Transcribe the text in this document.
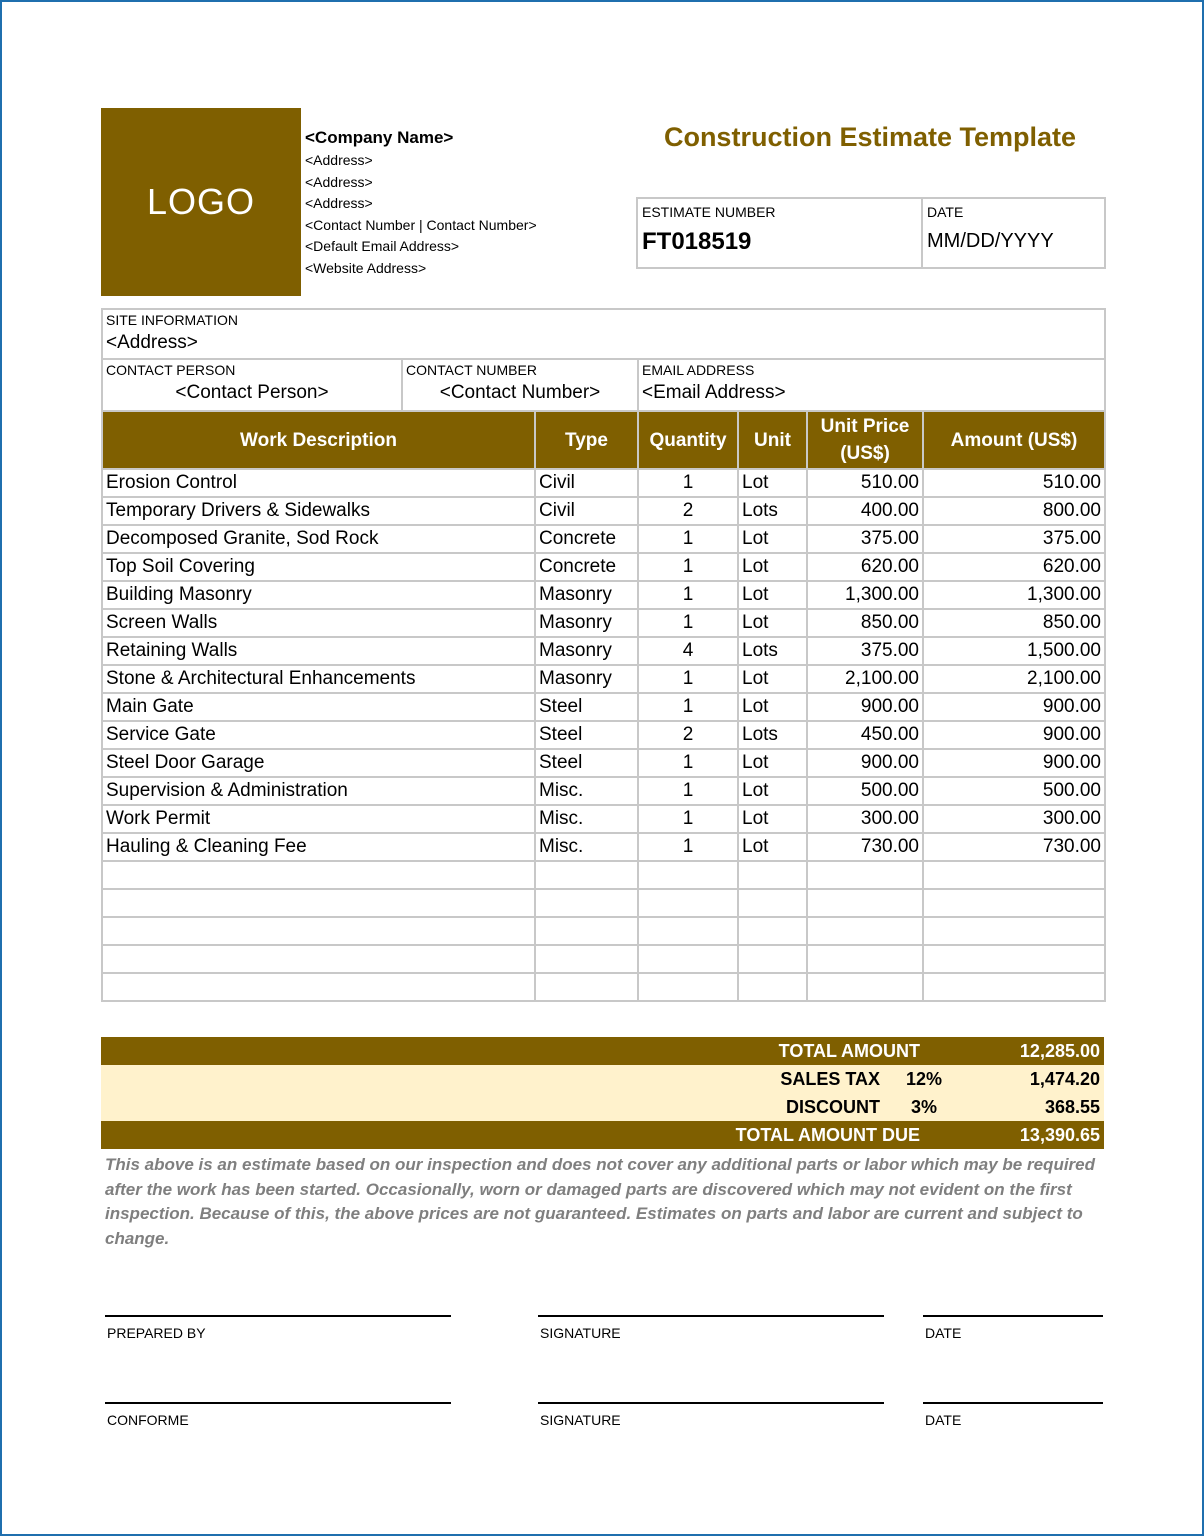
LOGO
<Company Name>
<Address>
<Address>
<Address>
<Contact Number | Contact Number>
<Default Email Address>
<Website Address>
Construction Estimate Template
ESTIMATE NUMBER
FT018519
DATE
MM/DD/YYYY
SITE INFORMATION
<Address>
CONTACT PERSON
<Contact Person>
CONTACT NUMBER
<Contact Number>
EMAIL ADDRESS
<Email Address>
Work Description	Type	Quantity	Unit	Unit Price (US$)	Amount (US$)
Erosion Control	Civil	1	Lot	510.00	510.00
Temporary Drivers & Sidewalks	Civil	2	Lots	400.00	800.00
Decomposed Granite, Sod Rock	Concrete	1	Lot	375.00	375.00
Top Soil Covering	Concrete	1	Lot	620.00	620.00
Building Masonry	Masonry	1	Lot	1,300.00	1,300.00
Screen Walls	Masonry	1	Lot	850.00	850.00
Retaining Walls	Masonry	4	Lots	375.00	1,500.00
Stone & Architectural Enhancements	Masonry	1	Lot	2,100.00	2,100.00
Main Gate	Steel	1	Lot	900.00	900.00
Service Gate	Steel	2	Lots	450.00	900.00
Steel Door Garage	Steel	1	Lot	900.00	900.00
Supervision & Administration	Misc.	1	Lot	500.00	500.00
Work Permit	Misc.	1	Lot	300.00	300.00
Hauling & Cleaning Fee	Misc.	1	Lot	730.00	730.00

TOTAL AMOUNT	12,285.00
SALES TAX	12%	1,474.20
DISCOUNT	3%	368.55
TOTAL AMOUNT DUE	13,390.65
This above is an estimate based on our inspection and does not cover any additional parts or labor which may be required after the work has been started. Occasionally, worn or damaged parts are discovered which may not evident on the first inspection. Because of this, the above prices are not guaranteed. Estimates on parts and labor are current and subject to change.
PREPARED BY	SIGNATURE	DATE
CONFORME	SIGNATURE	DATE
